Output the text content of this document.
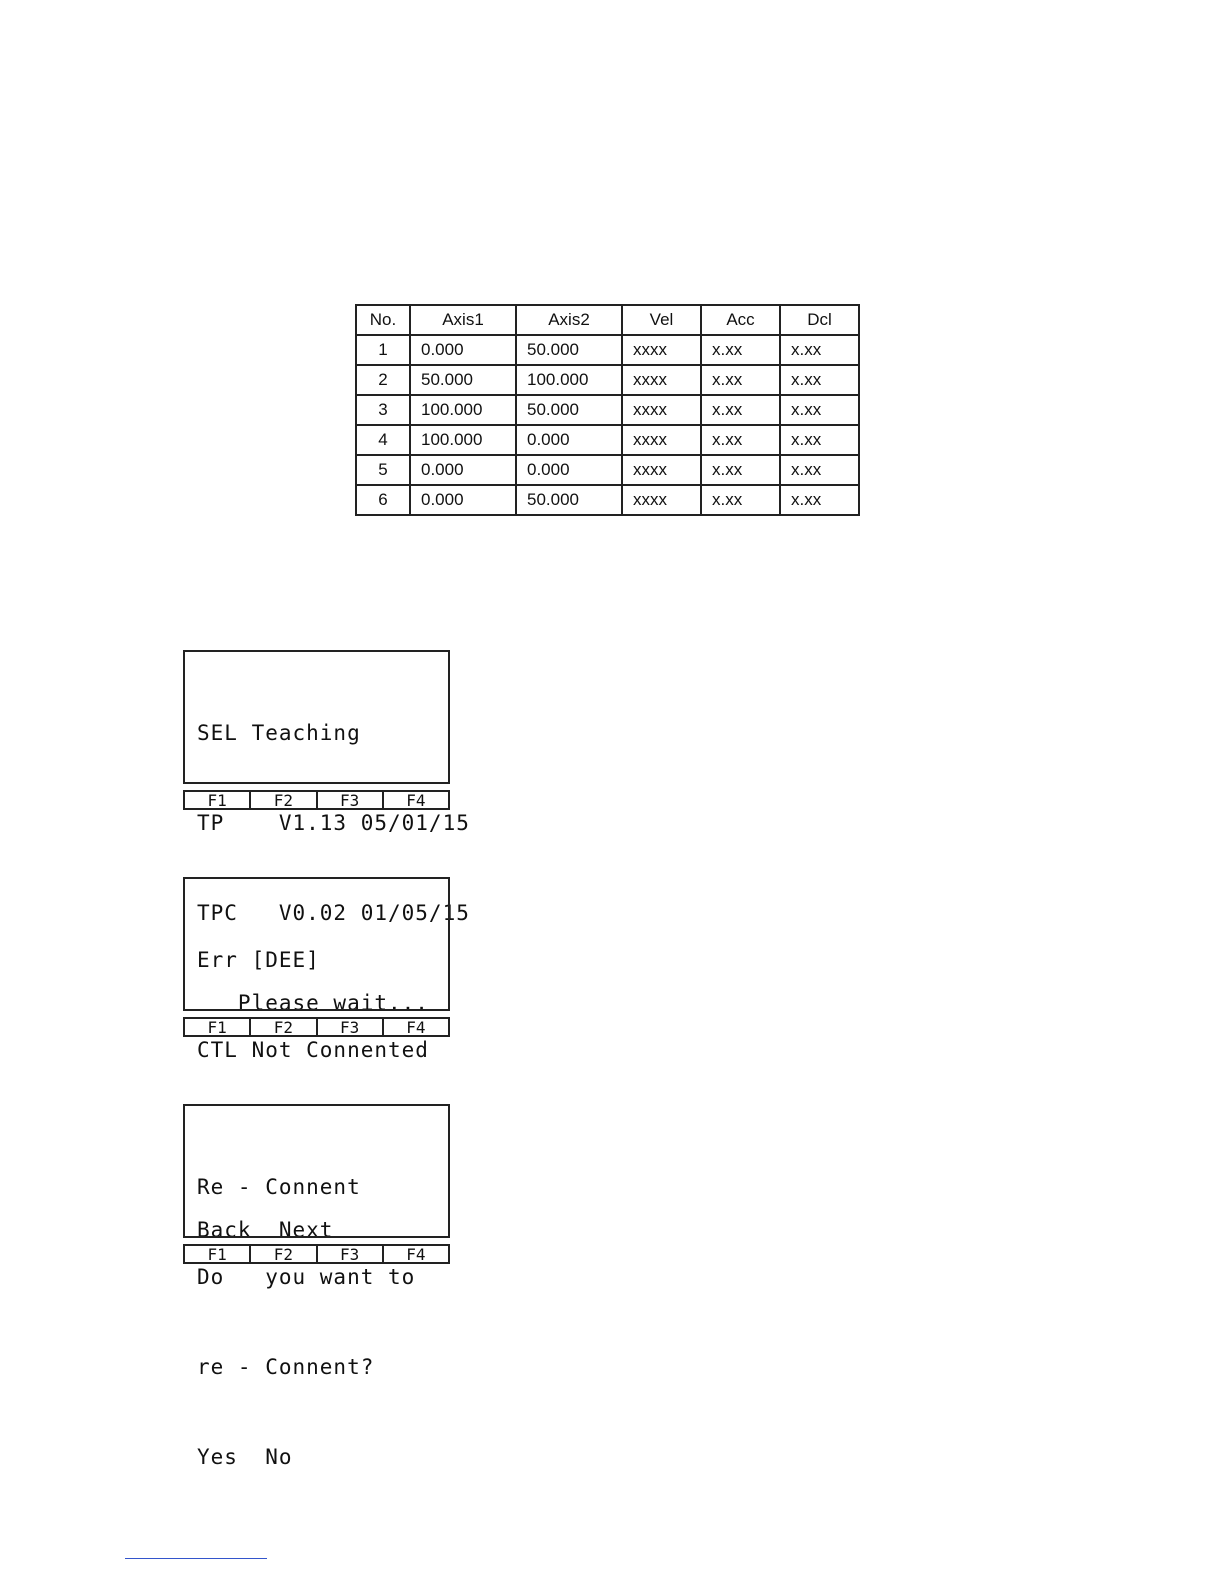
No.	Axis1	Axis2	Vel	Acc	Dcl
1	0.000	50.000	xxxx	x.xx	x.xx
2	50.000	100.000	xxxx	x.xx	x.xx
3	100.000	50.000	xxxx	x.xx	x.xx
4	100.000	0.000	xxxx	x.xx	x.xx
5	0.000	0.000	xxxx	x.xx	x.xx
6	0.000	50.000	xxxx	x.xx	x.xx

SEL Teaching

TP    V1.13 05/01/15

TPC   V0.02 01/05/15

Please wait...

F1	F2	F3	F4

Err [DEE]

CTL Not Connented

Back  Next

F1	F2	F3	F4

Re - Connent

Do   you want to

re - Connent?

Yes  No

F1	F2	F3	F4
